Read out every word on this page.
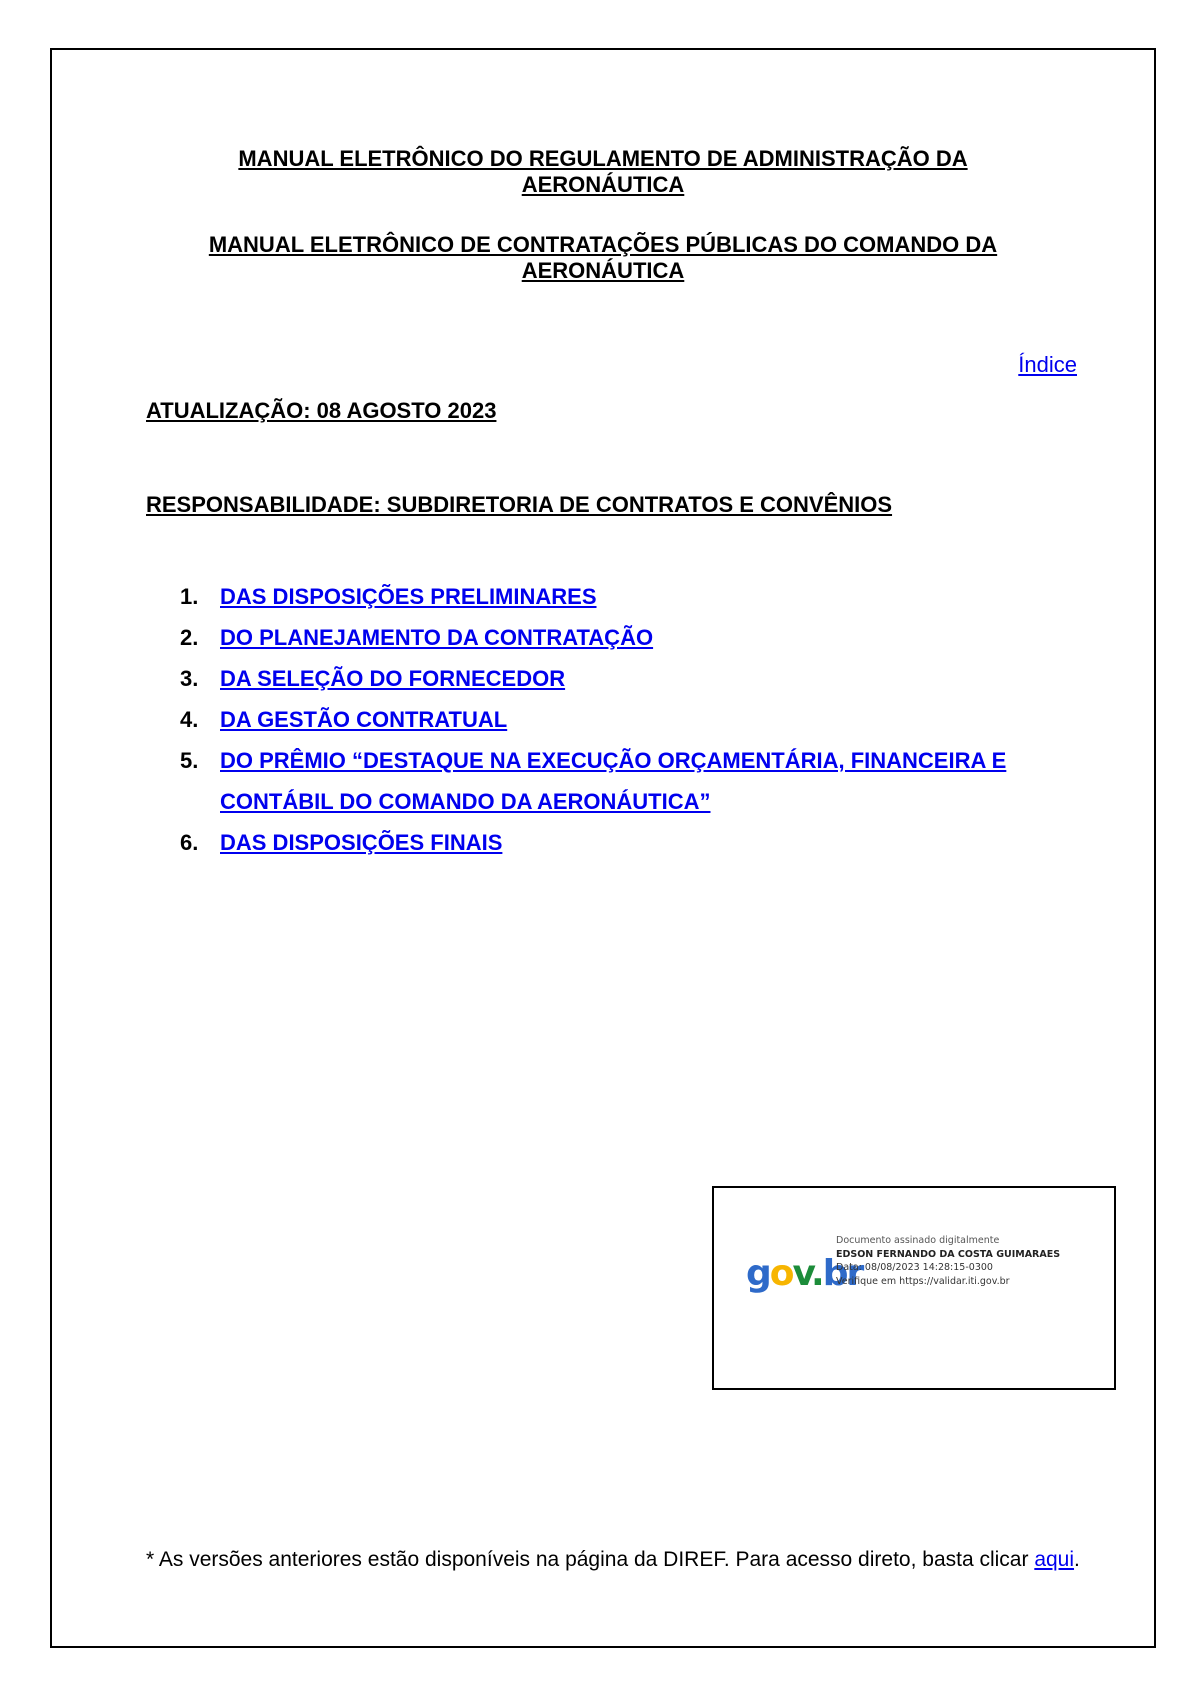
MANUAL ELETRÔNICO DO REGULAMENTO DE ADMINISTRAÇÃO DA
AERONÁUTICA
MANUAL ELETRÔNICO DE CONTRATAÇÕES PÚBLICAS DO COMANDO DA
AERONÁUTICA
Índice
ATUALIZAÇÃO: 08 AGOSTO 2023
RESPONSABILIDADE: SUBDIRETORIA DE CONTRATOS E CONVÊNIOS
1. DAS DISPOSIÇÕES PRELIMINARES
2. DO PLANEJAMENTO DA CONTRATAÇÃO
3. DA SELEÇÃO DO FORNECEDOR
4. DA GESTÃO CONTRATUAL
5. DO PRÊMIO “DESTAQUE NA EXECUÇÃO ORÇAMENTÁRIA, FINANCEIRA E CONTÁBIL DO COMANDO DA AERONÁUTICA”
6. DAS DISPOSIÇÕES FINAIS
gov.br
Documento assinado digitalmente
EDSON FERNANDO DA COSTA GUIMARAES
Data: 08/08/2023 14:28:15-0300
Verifique em https://validar.iti.gov.br

* As versões anteriores estão disponíveis na página da DIREF. Para acesso direto, basta clicar aqui.
